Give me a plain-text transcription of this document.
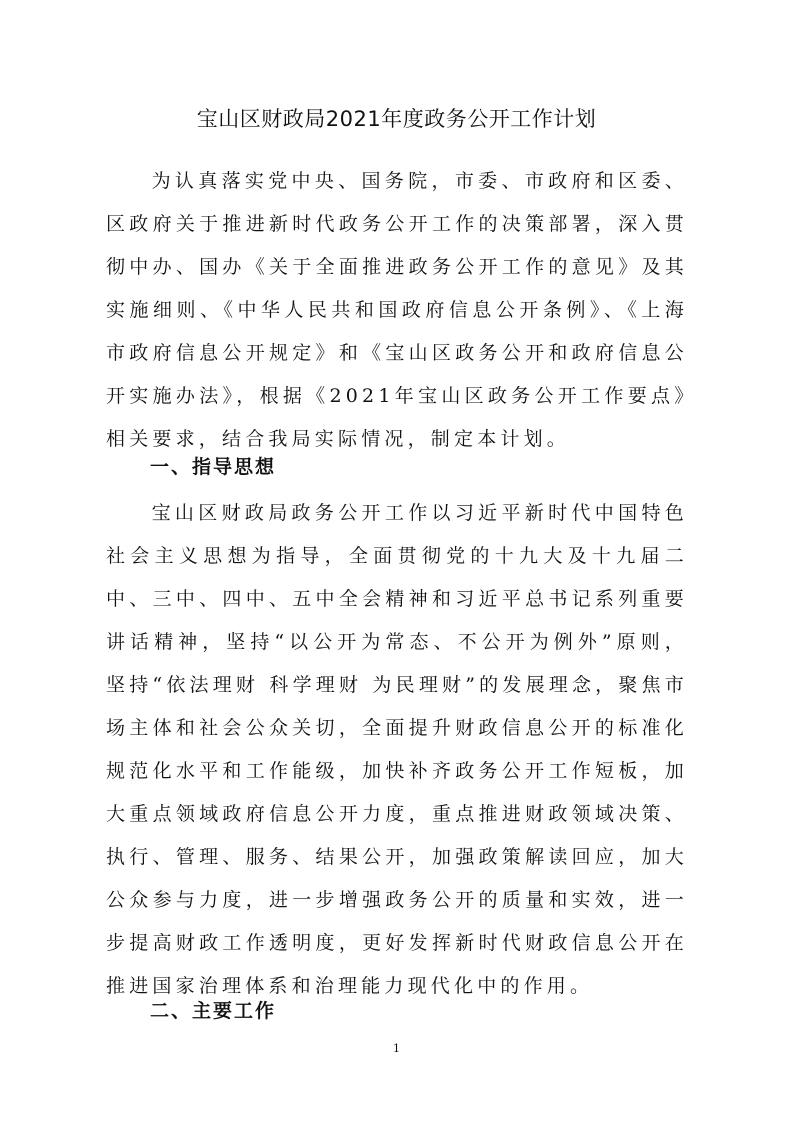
宝山区财政局2021年度政务公开工作计划

为认真落实党中央、国务院，市委、市政府和区委、区政府关于推进新时代政务公开工作的决策部署，深入贯彻中办、国办《关于全面推进政务公开工作的意见》及其实施细则、《中华人民共和国政府信息公开条例》、《上海市政府信息公开规定》和《宝山区政务公开和政府信息公开实施办法》，根据《2021年宝山区政务公开工作要点》相关要求，结合我局实际情况，制定本计划。

一、指导思想

宝山区财政局政务公开工作以习近平新时代中国特色社会主义思想为指导，全面贯彻党的十九大及十九届二中、三中、四中、五中全会精神和习近平总书记系列重要讲话精神，坚持“以公开为常态、不公开为例外”原则，坚持“依法理财 科学理财 为民理财”的发展理念，聚焦市场主体和社会公众关切，全面提升财政信息公开的标准化规范化水平和工作能级，加快补齐政务公开工作短板，加大重点领域政府信息公开力度，重点推进财政领域决策、执行、管理、服务、结果公开，加强政策解读回应，加大公众参与力度，进一步增强政务公开的质量和实效，进一步提高财政工作透明度，更好发挥新时代财政信息公开在推进国家治理体系和治理能力现代化中的作用。

二、主要工作
1
